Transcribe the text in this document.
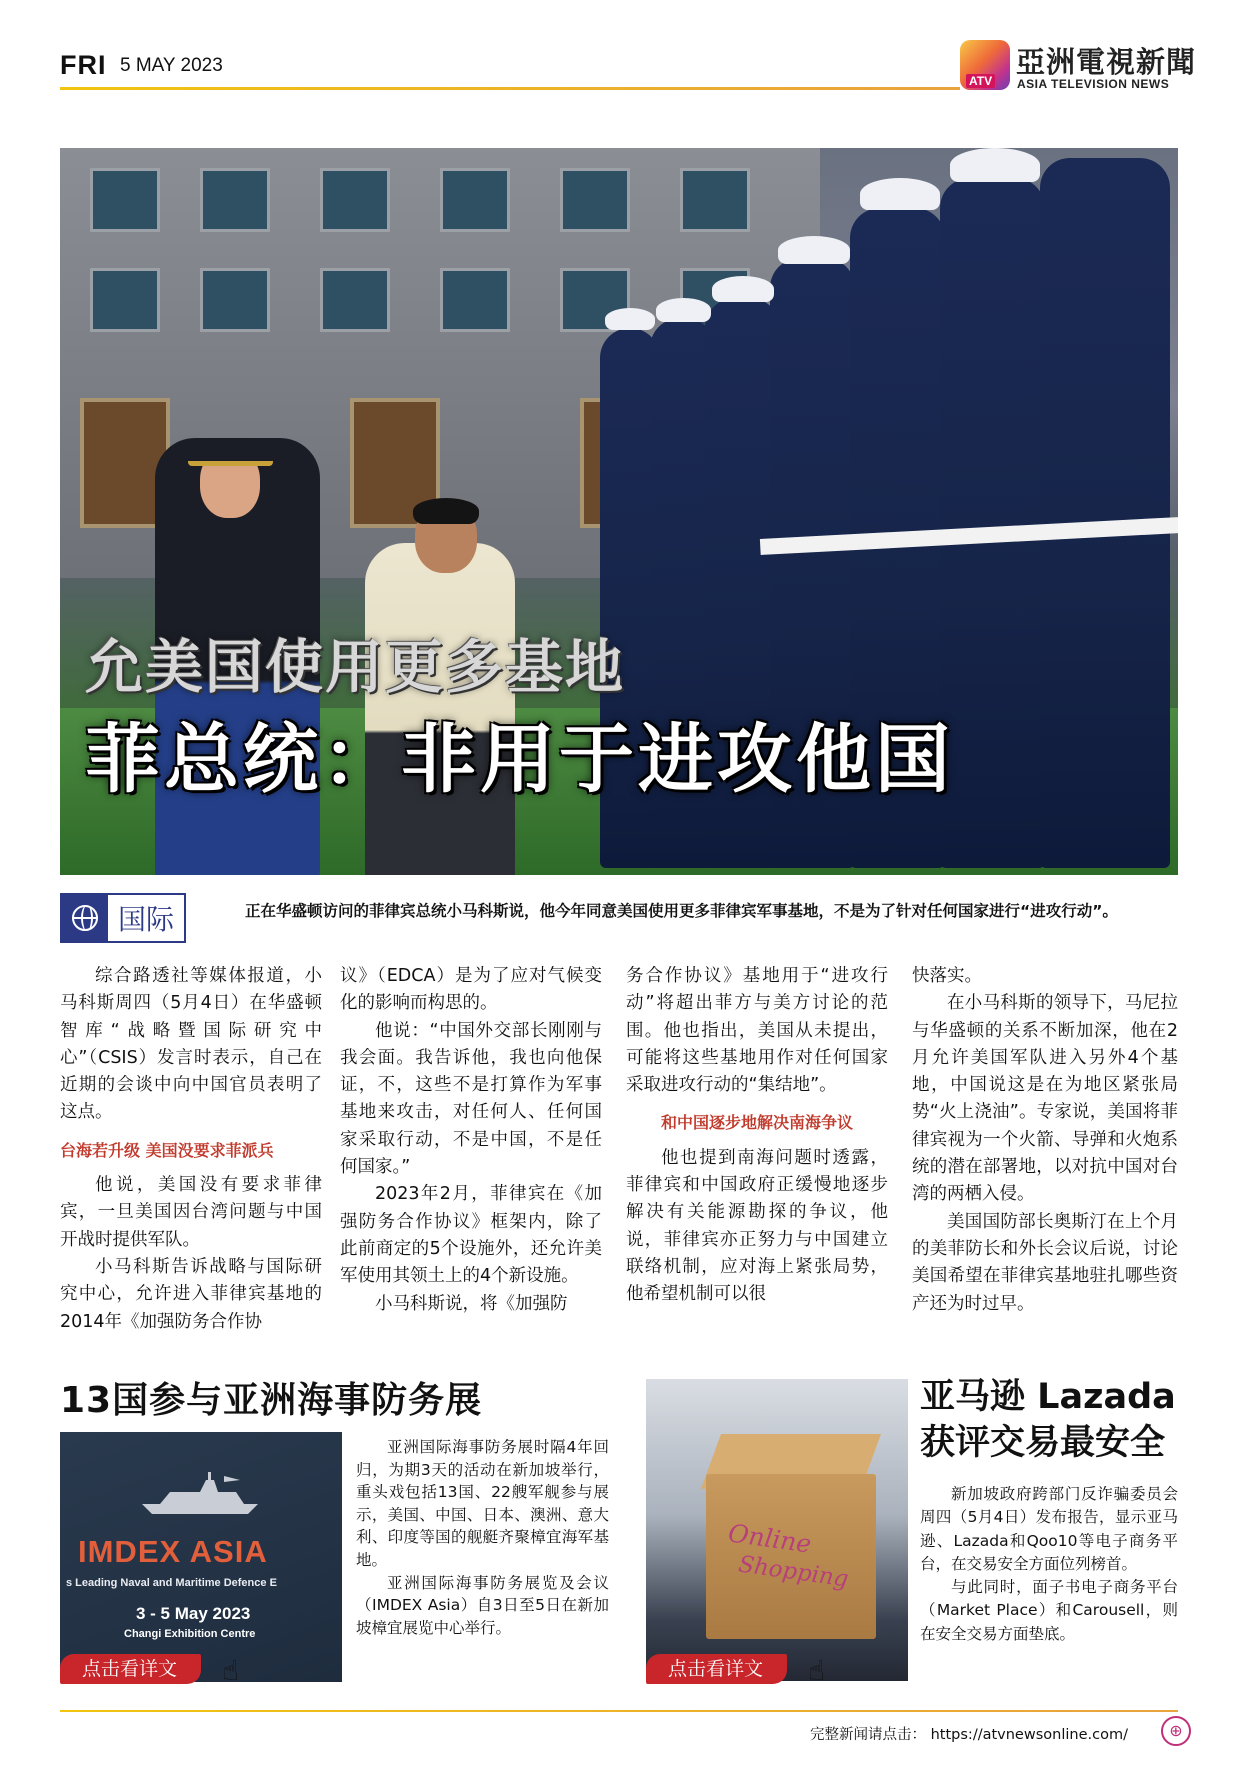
FRI 5 MAY 2023
ATV
亞洲電視新聞
ASIA TELEVISION NEWS
允美国使用更多基地
菲总统：非用于进攻他国
国际	正在华盛顿访问的菲律宾总统小马科斯说，他今年同意美国使用更多菲律宾军事基地，不是为了针对任何国家进行“进攻行动”。

综合路透社等媒体报道，小马科斯周四（5月4日）在华盛顿智库“战略暨国际研究中心”（CSIS）发言时表示，自己在近期的会谈中向中国官员表明了这点。

台海若升级 美国没要求菲派兵

他说，美国没有要求菲律宾，一旦美国因台湾问题与中国开战时提供军队。

小马科斯告诉战略与国际研究中心，允许进入菲律宾基地的2014年《加强防务合作协

议》（EDCA）是为了应对气候变化的影响而构思的。

他说：“中国外交部长刚刚与我会面。我告诉他，我也向他保证，不，这些不是打算作为军事基地来攻击，对任何人、任何国家采取行动，不是中国，不是任何国家。”

2023年2月，菲律宾在《加强防务合作协议》框架内，除了此前商定的5个设施外，还允许美军使用其领土上的4个新设施。

小马科斯说，将《加强防

务合作协议》基地用于“进攻行动”将超出菲方与美方讨论的范围。他也指出，美国从未提出，可能将这些基地用作对任何国家采取进攻行动的“集结地”。

和中国逐步地解决南海争议

他也提到南海问题时透露，菲律宾和中国政府正缓慢地逐步解决有关能源勘探的争议，他说，菲律宾亦正努力与中国建立联络机制，应对海上紧张局势，他希望机制可以很

快落实。

在小马科斯的领导下，马尼拉与华盛顿的关系不断加深，他在2月允许美国军队进入另外4个基地，中国说这是在为地区紧张局势“火上浇油”。专家说，美国将菲律宾视为一个火箭、导弹和火炮系统的潜在部署地，以对抗中国对台湾的两栖入侵。

美国国防部长奥斯汀在上个月的美菲防长和外长会议后说，讨论美国希望在菲律宾基地驻扎哪些资产还为时过早。

13国参与亚洲海事防务展
IMDEX ASIA
s Leading Naval and Maritime Defence E
3 - 5 May 2023
Changi Exhibition Centre
点击看详文	☝

亚洲国际海事防务展时隔4年回归，为期3天的活动在新加坡举行，重头戏包括13国、22艘军舰参与展示，美国、中国、日本、澳洲、意大利、印度等国的舰艇齐聚樟宜海军基地。

亚洲国际海事防务展览及会议（IMDEX Asia）自3日至5日在新加坡樟宜展览中心举行。

Online
Shopping
点击看详文	☝
亚马逊 Lazada
获评交易最安全

新加坡政府跨部门反诈骗委员会周四（5月4日）发布报告，显示亚马逊、Lazada和Qoo10等电子商务平台，在交易安全方面位列榜首。

与此同时，面子书电子商务平台（Market Place）和Carousell，则在安全交易方面垫底。

完整新闻请点击： https://atvnewsonline.com/	⊕
